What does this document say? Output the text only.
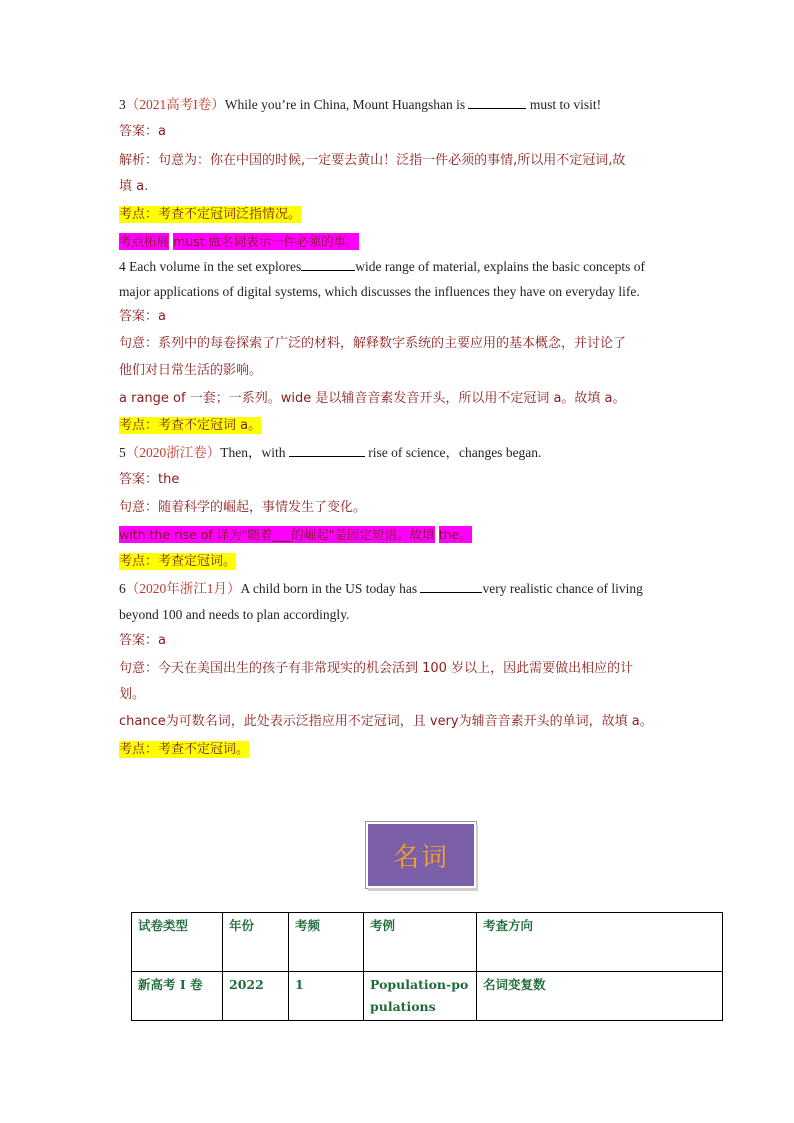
3（2021高考I卷）While you’re in China, Mount Huangshan is	must to visit!
答案：a
解析：句意为：你在中国的时候,一定要去黄山！泛指一件必须的事情,所以用不定冠词,故
填 a.
考点：考查不定冠词泛指情况。
考点拓展 must 做名词表示一件必须的事。
4 Each volume in the set explores	wide range of material, explains the basic concepts of
major applications of digital systems, which discusses the influences they have on everyday life.
答案：a
句意：系列中的每卷探索了广泛的材料，解释数字系统的主要应用的基本概念，并讨论了
他们对日常生活的影响。
a range of 一套；一系列。wide 是以辅音音素发音开头，所以用不定冠词 a。故填 a。
考点：考查不定冠词 a。
5（2020浙江卷）Then，with	rise of science，changes began.
答案：the
句意：随着科学的崛起，事情发生了变化。
with the rise of 译为"随着___的崛起"是固定短语。故填 the。
考点：考查定冠词。
6（2020年浙江1月）A child born in the US today has	very realistic chance of living
beyond 100 and needs to plan accordingly.
答案：a
句意：今天在美国出生的孩子有非常现实的机会活到 100 岁以上，因此需要做出相应的计
划。
chance为可数名词，此处表示泛指应用不定冠词，且 very为辅音音素开头的单词，故填 a。
考点：考查不定冠词。
名词
试卷类型	年份	考频	考例	考查方向
新高考 I 卷	2022	1	Population-populations	名词变复数
